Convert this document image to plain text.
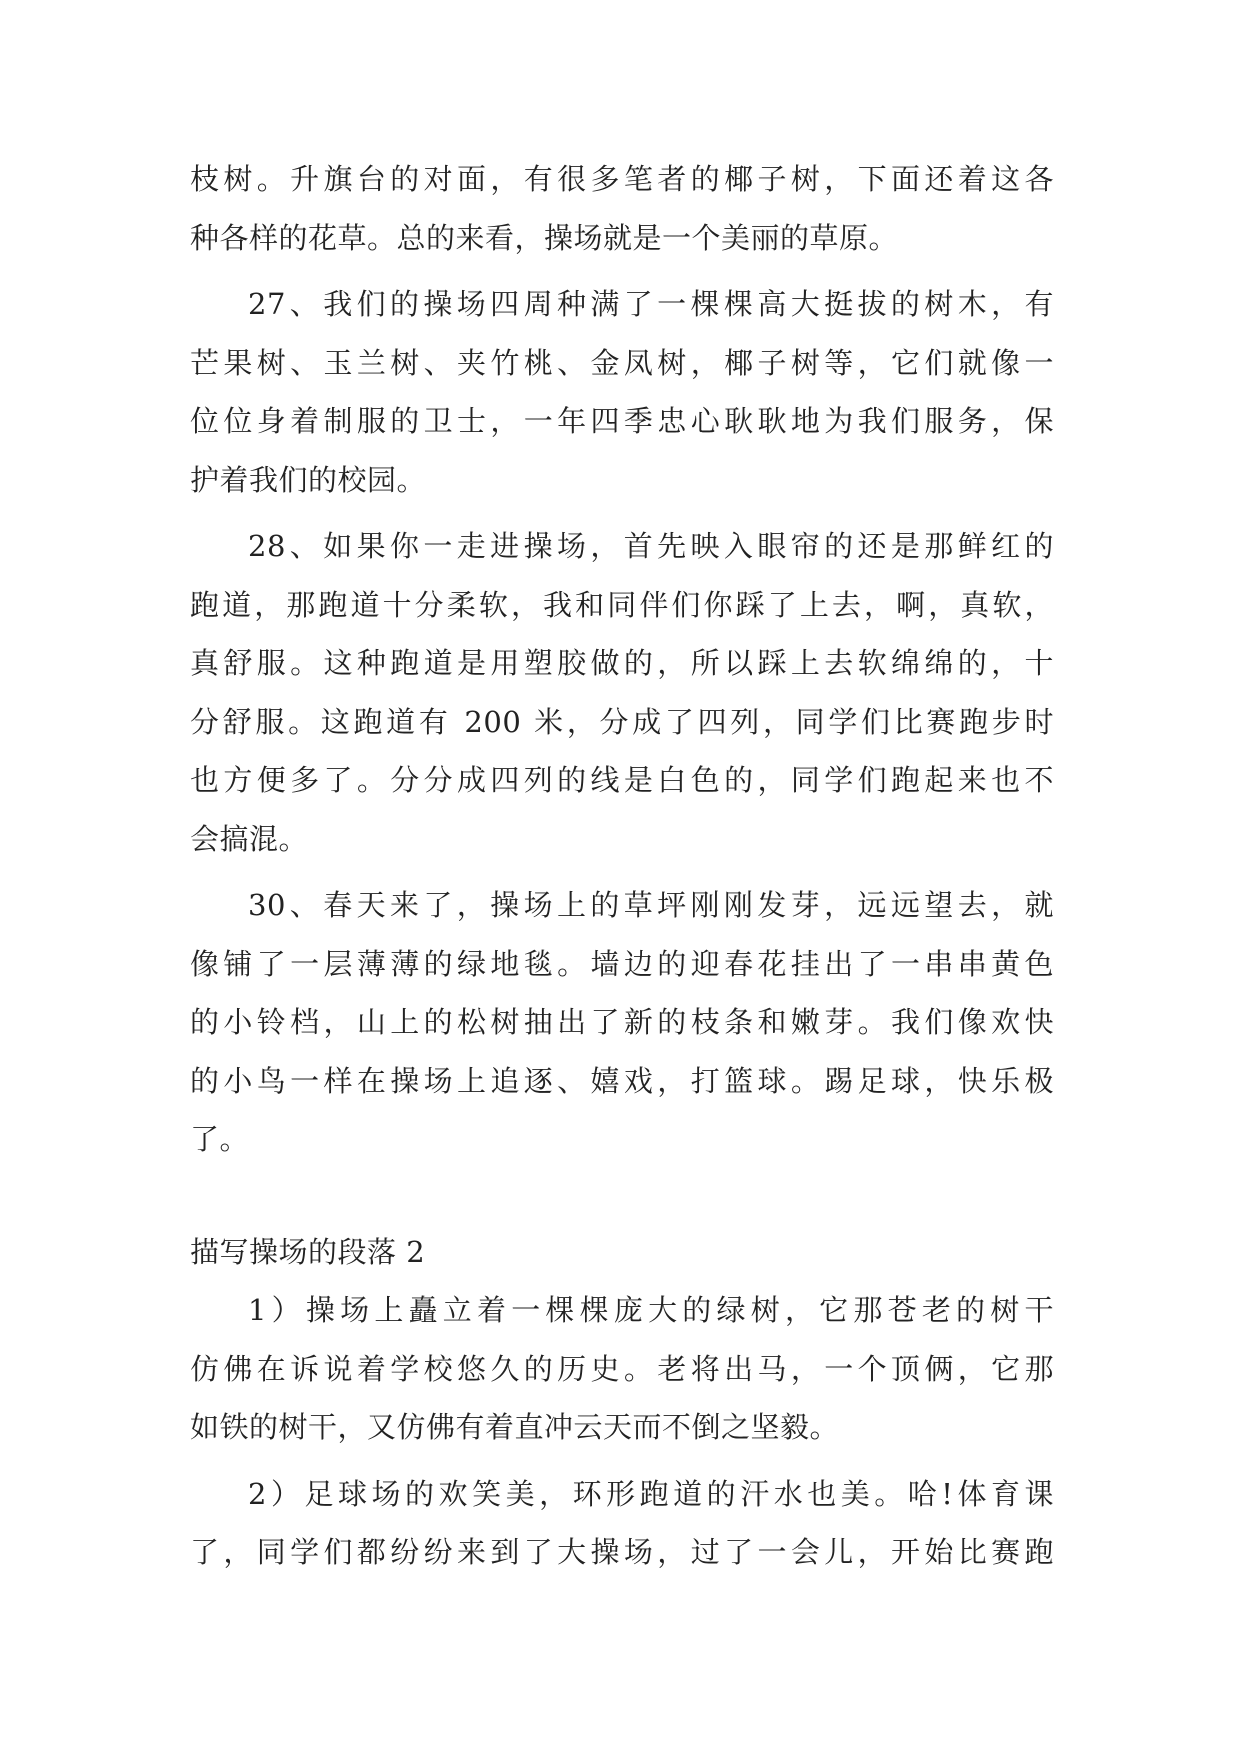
枝树。升旗台的对面，有很多笔者的椰子树，下面还着这各
种各样的花草。总的来看，操场就是一个美丽的草原。
27、我们的操场四周种满了一棵棵高大挺拔的树木，有
芒果树、玉兰树、夹竹桃、金凤树，椰子树等，它们就像一
位位身着制服的卫士，一年四季忠心耿耿地为我们服务，保
护着我们的校园。
28、如果你一走进操场，首先映入眼帘的还是那鲜红的
跑道，那跑道十分柔软，我和同伴们你踩了上去，啊，真软，
真舒服。这种跑道是用塑胶做的，所以踩上去软绵绵的，十
分舒服。这跑道有 200 米，分成了四列，同学们比赛跑步时
也方便多了。分分成四列的线是白色的，同学们跑起来也不
会搞混。
30、春天来了，操场上的草坪刚刚发芽，远远望去，就
像铺了一层薄薄的绿地毯。墙边的迎春花挂出了一串串黄色
的小铃档，山上的松树抽出了新的枝条和嫩芽。我们像欢快
的小鸟一样在操场上追逐、嬉戏，打篮球。踢足球，快乐极
了。
描写操场的段落 2
1）操场上矗立着一棵棵庞大的绿树，它那苍老的树干
仿佛在诉说着学校悠久的历史。老将出马，一个顶俩，它那
如铁的树干，又仿佛有着直冲云天而不倒之坚毅。
2）足球场的欢笑美，环形跑道的汗水也美。哈!体育课
了，同学们都纷纷来到了大操场，过了一会儿，开始比赛跑
